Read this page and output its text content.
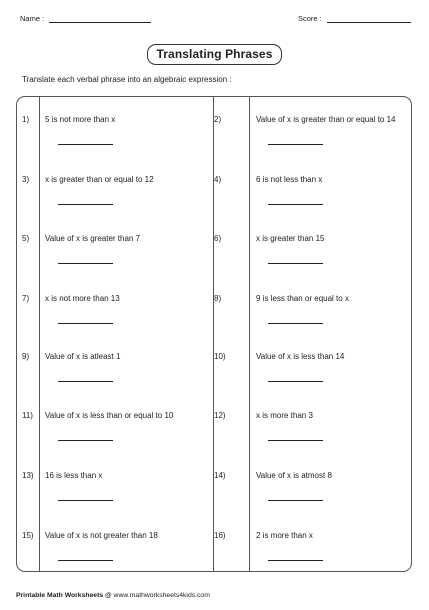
Name :	Score :
Translating Phrases
Translate each verbal phrase into an algebraic expression :
1)	5 is not more than x	2)	Value of x is greater than or equal to 14
3)	x is greater than or equal to 12	4)	6 is not less than x
5)	Value of x is greater than 7	6)	x is greater than 15
7)	x is not more than 13	8)	9 is less than or equal to x
9)	Value of x is atleast 1	10)	Value of x is less than 14
11)	Value of x is less than or equal to 10	12)	x is more than 3
13)	16 is less than x	14)	Value of x is atmost 8
15)	Value of x is not greater than 18	16)	2 is more than x
Printable Math Worksheets @ www.mathworksheets4kids.com
